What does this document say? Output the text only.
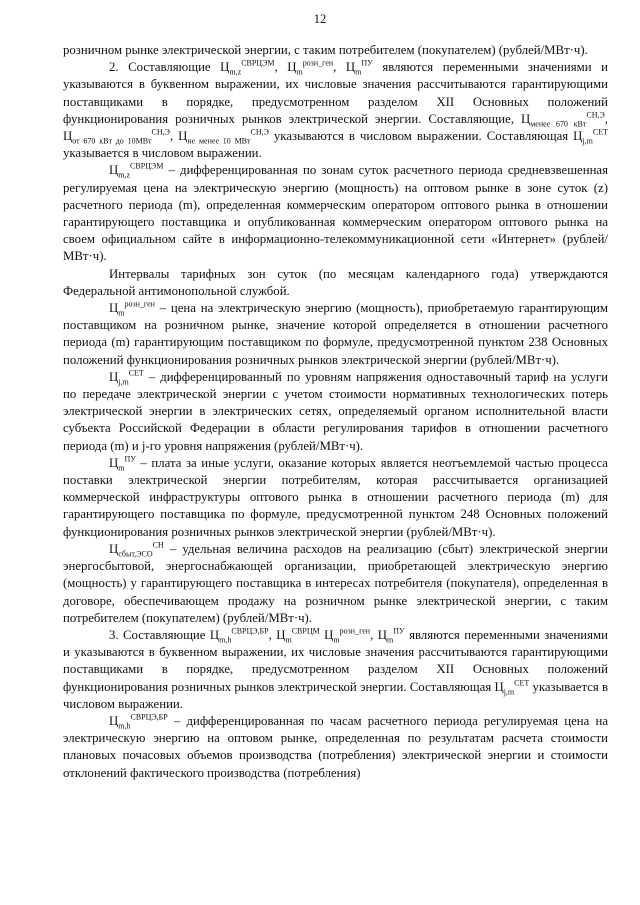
12

розничном рынке электрической энергии, с таким потребителем (покупателем) (рублей/МВт·ч).

2. Составляющие $Ц_{m,z}^{СВРЦЭМ}$, $Ц_m^{розн\_ген}$, $Ц_m^{ПУ}$ являются переменными значениями и указываются в буквенном выражении, их числовые значения рассчитываются гарантирующими поставщиками в порядке, предусмотренном разделом XII Основных положений функционирования розничных рынков электрической энергии. Составляющие, $Ц_{менее 670 кВт}^{СН,Э}$, $Ц_{от 670 кВт до 10МВт}^{СН,Э}$, $Ц_{не менее 10 МВт}^{СН,Э}$ указываются в числовом выражении. Составляющая $Ц_{j,m}^{СЕТ}$ указывается в числовом выражении.

$Ц_{m,z}^{СВРЦЭМ}$ – дифференцированная по зонам суток расчетного периода средневзвешенная регулируемая цена на электрическую энергию (мощность) на оптовом рынке в зоне суток (z) расчетного периода (m), определенная коммерческим оператором оптового рынка в отношении гарантирующего поставщика и опубликованная коммерческим оператором оптового рынка на своем официальном сайте в информационно-телекоммуникационной сети «Интернет» (рублей/МВт·ч).

Интервалы тарифных зон суток (по месяцам календарного года) утверждаются Федеральной антимонопольной службой.

$Ц_m^{розн\_ген}$ – цена на электрическую энергию (мощность), приобретаемую гарантирующим поставщиком на розничном рынке, значение которой определяется в отношении расчетного периода (m) гарантирующим поставщиком по формуле, предусмотренной пунктом 238 Основных положений функционирования розничных рынков электрической энергии (рублей/МВт·ч).

$Ц_{j,m}^{СЕТ}$ – дифференцированный по уровням напряжения одноставочный тариф на услуги по передаче электрической энергии с учетом стоимости нормативных технологических потерь электрической энергии в электрических сетях, определяемый органом исполнительной власти субъекта Российской Федерации в области регулирования тарифов в отношении расчетного периода (m) и j-го уровня напряжения (рублей/МВт·ч).

$Ц_m^{ПУ}$ – плата за иные услуги, оказание которых является неотъемлемой частью процесса поставки электрической энергии потребителям, которая рассчитывается организацией коммерческой инфраструктуры оптового рынка в отношении расчетного периода (m) для гарантирующего поставщика по формуле, предусмотренной пунктом 248 Основных положений функционирования розничных рынков электрической энергии (рублей/МВт·ч).

$Ц_{сбыт,ЭСО}^{СН}$ – удельная величина расходов на реализацию (сбыт) электрической энергии энергосбытовой, энергоснабжающей организации, приобретающей электрическую энергию (мощность) у гарантирующего поставщика в интересах потребителя (покупателя), определенная в договоре, обеспечивающем продажу на розничном рынке электрической энергии, с таким потребителем (покупателем) (рублей/МВт·ч).

3. Составляющие $Ц_{m,h}^{СВРЦЭ,БР}$, $Ц_m^{СВРЦМ}$ $Ц_m^{розн\_ген}$, $Ц_m^{ПУ}$ являются переменными значениями и указываются в буквенном выражении, их числовые значения рассчитываются гарантирующими поставщиками в порядке, предусмотренном разделом XII Основных положений функционирования розничных рынков электрической энергии. Составляющая $Ц_{j,m}^{СЕТ}$ указывается в числовом выражении.

$Ц_{m,h}^{СВРЦЭ,БР}$ – дифференцированная по часам расчетного периода регулируемая цена на электрическую энергию на оптовом рынке, определенная по результатам расчета стоимости плановых почасовых объемов производства (потребления) электрической энергии и стоимости отклонений фактического производства (потребления)
